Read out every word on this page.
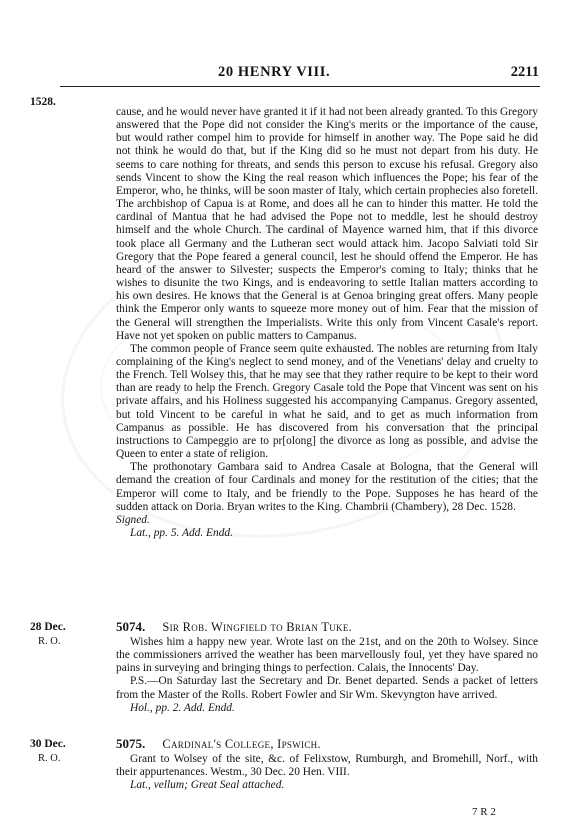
20 HENRY VIII.	2211
1528.

cause, and he would never have granted it if it had not been already granted. To this Gregory answered that the Pope did not consider the King's merits or the importance of the cause, but would rather compel him to provide for himself in another way. The Pope said he did not think he would do that, but if the King did so he must not depart from his duty. He seems to care nothing for threats, and sends this person to excuse his refusal. Gregory also sends Vincent to show the King the real reason which influences the Pope; his fear of the Emperor, who, he thinks, will be soon master of Italy, which certain prophecies also foretell. The archbishop of Capua is at Rome, and does all he can to hinder this matter. He told the cardinal of Mantua that he had advised the Pope not to meddle, lest he should destroy himself and the whole Church. The cardinal of Mayence warned him, that if this divorce took place all Germany and the Lutheran sect would attack him. Jacopo Salviati told Sir Gregory that the Pope feared a general council, lest he should offend the Emperor. He has heard of the answer to Silvester; suspects the Emperor's coming to Italy; thinks that he wishes to disunite the two Kings, and is endeavoring to settle Italian matters according to his own desires. He knows that the General is at Genoa bringing great offers. Many people think the Emperor only wants to squeeze more money out of him. Fear that the mission of the General will strengthen the Imperialists. Write this only from Vincent Casale's report. Have not yet spoken on public matters to Campanus.

The common people of France seem quite exhausted. The nobles are returning from Italy complaining of the King's neglect to send money, and of the Venetians' delay and cruelty to the French. Tell Wolsey this, that he may see that they rather require to be kept to their word than are ready to help the French. Gregory Casale told the Pope that Vincent was sent on his private affairs, and his Holiness suggested his accompanying Campanus. Gregory assented, but told Vincent to be careful in what he said, and to get as much information from Campanus as possible. He has discovered from his conversation that the principal instructions to Campeggio are to pr[olong] the divorce as long as possible, and advise the Queen to enter a state of religion.

The prothonotary Gambara said to Andrea Casale at Bologna, that the General will demand the creation of four Cardinals and money for the restitution of the cities; that the Emperor will come to Italy, and be friendly to the Pope. Supposes he has heard of the sudden attack on Doria. Bryan writes to the King. Chambrii (Chambery), 28 Dec. 1528.

Signed.

Lat., pp. 5. Add. Endd.

28 Dec.
R. O.
5074. Sir Rob. Wingfield to Brian Tuke.

Wishes him a happy new year. Wrote last on the 21st, and on the 20th to Wolsey. Since the commissioners arrived the weather has been marvellously foul, yet they have spared no pains in surveying and bringing things to perfection. Calais, the Innocents' Day.

P.S.—On Saturday last the Secretary and Dr. Benet departed. Sends a packet of letters from the Master of the Rolls. Robert Fowler and Sir Wm. Skevyngton have arrived.

Hol., pp. 2. Add. Endd.

30 Dec.
R. O.
5075. Cardinal's College, Ipswich.

Grant to Wolsey of the site, &c. of Felixstow, Rumburgh, and Bromehill, Norf., with their appurtenances. Westm., 30 Dec. 20 Hen. VIII.

Lat., vellum; Great Seal attached.

7 R 2
